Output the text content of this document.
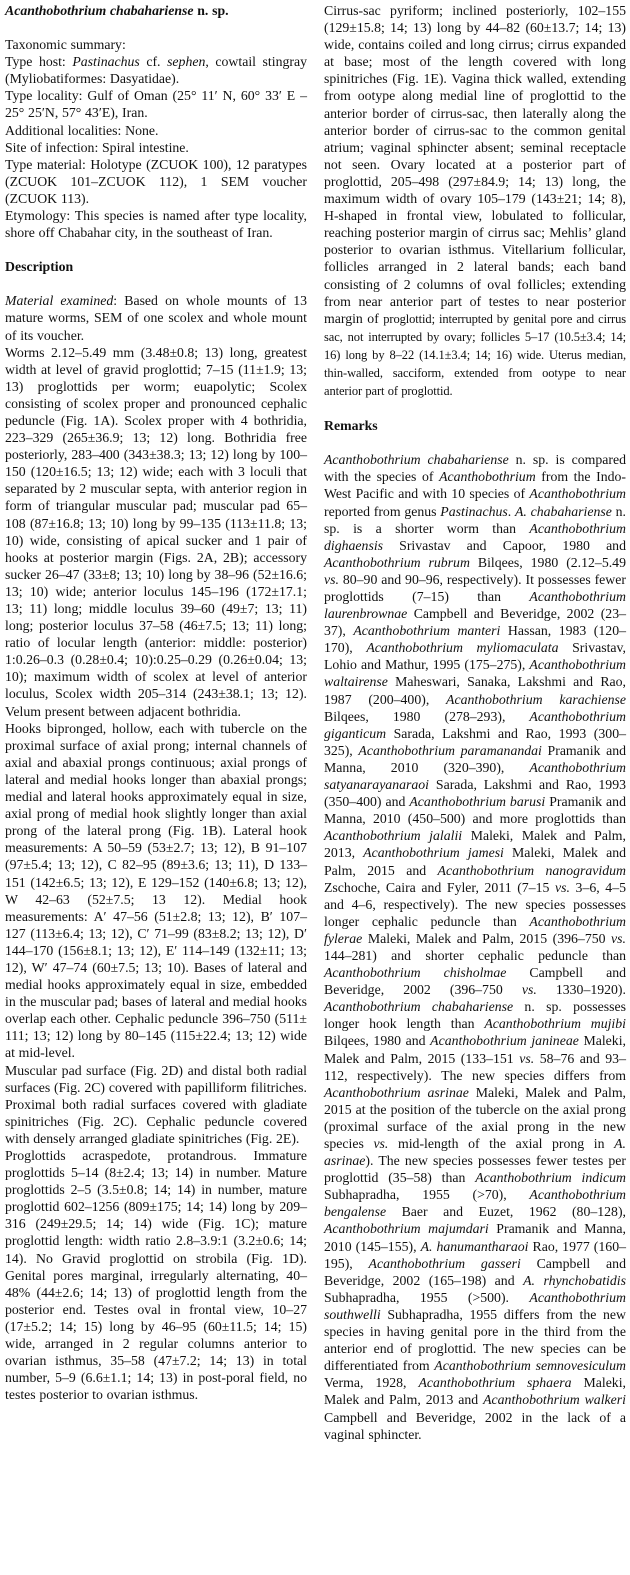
Acanthobothrium chabahariense n. sp.

Taxonomic summary:

Type host: Pastinachus cf. sephen, cowtail stingray (Myliobatiformes: Dasyatidae).

Type locality: Gulf of Oman (25° 11′ N, 60° 33′ E – 25° 25′N, 57° 43′E), Iran.

Additional localities: None.

Site of infection: Spiral intestine.

Type material: Holotype (ZCUOK 100), 12 paratypes (ZCUOK 101–ZCUOK 112), 1 SEM voucher (ZCUOK 113).

Etymology: This species is named after type locality, shore off Chabahar city, in the southeast of Iran.

Description

Material examined: Based on whole mounts of 13 mature worms, SEM of one scolex and whole mount of its voucher.

Worms 2.12–5.49 mm (3.48±0.8; 13) long, greatest width at level of gravid proglottid; 7–15 (11±1.9; 13; 13) proglottids per worm; euapolytic; Scolex consisting of scolex proper and pronounced cephalic peduncle (Fig. 1A). Scolex proper with 4 bothridia, 223–329 (265±36.9; 13; 12) long. Bothridia free posteriorly, 283–400 (343±38.3; 13; 12) long by 100–150 (120±16.5; 13; 12) wide; each with 3 loculi that separated by 2 muscular septa, with anterior region in form of triangular muscular pad; muscular pad 65–108 (87±16.8; 13; 10) long by 99–135 (113±11.8; 13; 10) wide, consisting of apical sucker and 1 pair of hooks at posterior margin (Figs. 2A, 2B); accessory sucker 26–47 (33±8; 13; 10) long by 38–96 (52±16.6; 13; 10) wide; anterior loculus 145–196 (172±17.1; 13; 11) long; middle loculus 39–60 (49±7; 13; 11) long; posterior loculus 37–58 (46±7.5; 13; 11) long; ratio of locular length (anterior: middle: posterior) 1:0.26–0.3 (0.28±0.4; 10):0.25–0.29 (0.26±0.04; 13; 10); maximum width of scolex at level of anterior loculus, Scolex width 205–314 (243±38.1; 13; 12). Velum present between adjacent bothridia.

Hooks bipronged, hollow, each with tubercle on the proximal surface of axial prong; internal channels of axial and abaxial prongs continuous; axial prongs of lateral and medial hooks longer than abaxial prongs; medial and lateral hooks approximately equal in size, axial prong of medial hook slightly longer than axial prong of the lateral prong (Fig. 1B). Lateral hook measurements: A 50–59 (53±2.7; 13; 12), B 91–107 (97±5.4; 13; 12), C 82–95 (89±3.6; 13; 11), D 133–151 (142±6.5; 13; 12), E 129–152 (140±6.8; 13; 12), W 42–63 (52±7.5; 13 12). Medial hook measurements: A′ 47–56 (51±2.8; 13; 12), B′ 107–127 (113±6.4; 13; 12), C′ 71–99 (83±8.2; 13; 12), D′ 144–170 (156±8.1; 13; 12), E′ 114–149 (132±11; 13; 12), W′ 47–74 (60±7.5; 13; 10). Bases of lateral and medial hooks approximately equal in size, embedded in the muscular pad; bases of lateral and medial hooks overlap each other. Cephalic peduncle 396–750 (511± 111; 13; 12) long by 80–145 (115±22.4; 13; 12) wide at mid-level.

Muscular pad surface (Fig. 2D) and distal both radial surfaces (Fig. 2C) covered with papilliform filitriches. Proximal both radial surfaces covered with gladiate spinitriches (Fig. 2C). Cephalic peduncle covered with densely arranged gladiate spinitriches (Fig. 2E).

Proglottids acraspedote, protandrous. Immature proglottids 5–14 (8±2.4; 13; 14) in number. Mature proglottids 2–5 (3.5±0.8; 14; 14) in number, mature proglottid 602–1256 (809±175; 14; 14) long by 209–316 (249±29.5; 14; 14) wide (Fig. 1C); mature proglottid length: width ratio 2.8–3.9:1 (3.2±0.6; 14; 14). No Gravid proglottid on strobila (Fig. 1D). Genital pores marginal, irregularly alternating, 40–48% (44±2.6; 14; 13) of proglottid length from the posterior end. Testes oval in frontal view, 10–27 (17±5.2; 14; 15) long by 46–95 (60±11.5; 14; 15) wide, arranged in 2 regular columns anterior to ovarian isthmus, 35–58 (47±7.2; 14; 13) in total number, 5–9 (6.6±1.1; 14; 13) in post-poral field, no testes posterior to ovarian isthmus.

Cirrus-sac pyriform; inclined posteriorly, 102–155 (129±15.8; 14; 13) long by 44–82 (60±13.7; 14; 13) wide, contains coiled and long cirrus; cirrus expanded at base; most of the length covered with long spinitriches (Fig. 1E). Vagina thick walled, extending from ootype along medial line of proglottid to the anterior border of cirrus-sac, then laterally along the anterior border of cirrus-sac to the common genital atrium; vaginal sphincter absent; seminal receptacle not seen. Ovary located at a posterior part of proglottid, 205–498 (297±84.9; 14; 13) long, the maximum width of ovary 105–179 (143±21; 14; 8), H-shaped in frontal view, lobulated to follicular, reaching posterior margin of cirrus sac; Mehlis’ gland posterior to ovarian isthmus. Vitellarium follicular, follicles arranged in 2 lateral bands; each band consisting of 2 columns of oval follicles; extending from near anterior part of testes to near posterior margin of proglottid; interrupted by genital pore and cirrus sac, not interrupted by ovary; follicles 5–17 (10.5±3.4; 14; 16) long by 8–22 (14.1±3.4; 14; 16) wide. Uterus median, thin-walled, sacciform, extended from ootype to near anterior part of proglottid.

Remarks

Acanthobothrium chabahariense n. sp. is compared with the species of Acanthobothrium from the Indo-West Pacific and with 10 species of Acanthobothrium reported from genus Pastinachus. A. chabahariense n. sp. is a shorter worm than Acanthobothrium dighaensis Srivastav and Capoor, 1980 and Acanthobothrium rubrum Bilqees, 1980 (2.12–5.49 vs. 80–90 and 90–96, respectively). It possesses fewer proglottids (7–15) than Acanthobothrium laurenbrownae Campbell and Beveridge, 2002 (23–37), Acanthobothrium manteri Hassan, 1983 (120–170), Acanthobothrium myliomaculata Srivastav, Lohio and Mathur, 1995 (175–275), Acanthobothrium waltairense Maheswari, Sanaka, Lakshmi and Rao, 1987 (200–400), Acanthobothrium karachiense Bilqees, 1980 (278–293), Acanthobothrium giganticum Sarada, Lakshmi and Rao, 1993 (300–325), Acanthobothrium paramanandai Pramanik and Manna, 2010 (320–390), Acanthobothrium satyanarayanaraoi Sarada, Lakshmi and Rao, 1993 (350–400) and Acanthobothrium barusi Pramanik and Manna, 2010 (450–500) and more proglottids than Acanthobothrium jalalii Maleki, Malek and Palm, 2013, Acanthobothrium jamesi Maleki, Malek and Palm, 2015 and Acanthobothrium nanogravidum Zschoche, Caira and Fyler, 2011 (7–15 vs. 3–6, 4–5 and 4–6, respectively). The new species possesses longer cephalic peduncle than Acanthobothrium fylerae Maleki, Malek and Palm, 2015 (396–750 vs. 144–281) and shorter cephalic peduncle than Acanthobothrium chisholmae Campbell and Beveridge, 2002 (396–750 vs. 1330–1920). Acanthobothrium chabahariense n. sp. possesses longer hook length than Acanthobothrium mujibi Bilqees, 1980 and Acanthobothrium janineae Maleki, Malek and Palm, 2015 (133–151 vs. 58–76 and 93–112, respectively). The new species differs from Acanthobothrium asrinae Maleki, Malek and Palm, 2015 at the position of the tubercle on the axial prong (proximal surface of the axial prong in the new species vs. mid-length of the axial prong in A. asrinae). The new species possesses fewer testes per proglottid (35–58) than Acanthobothrium indicum Subhapradha, 1955 (>70), Acanthobothrium bengalense Baer and Euzet, 1962 (80–128), Acanthobothrium majumdari Pramanik and Manna, 2010 (145–155), A. hanumantharaoi Rao, 1977 (160–195), Acanthobothrium gasseri Campbell and Beveridge, 2002 (165–198) and A. rhynchobatidis Subhapradha, 1955 (>500). Acanthobothrium southwelli Subhapradha, 1955 differs from the new species in having genital pore in the third from the anterior end of proglottid. The new species can be differentiated from Acanthobothrium semnovesiculum Verma, 1928, Acanthobothrium sphaera Maleki, Malek and Palm, 2013 and Acanthobothrium walkeri Campbell and Beveridge, 2002 in the lack of a vaginal sphincter.
